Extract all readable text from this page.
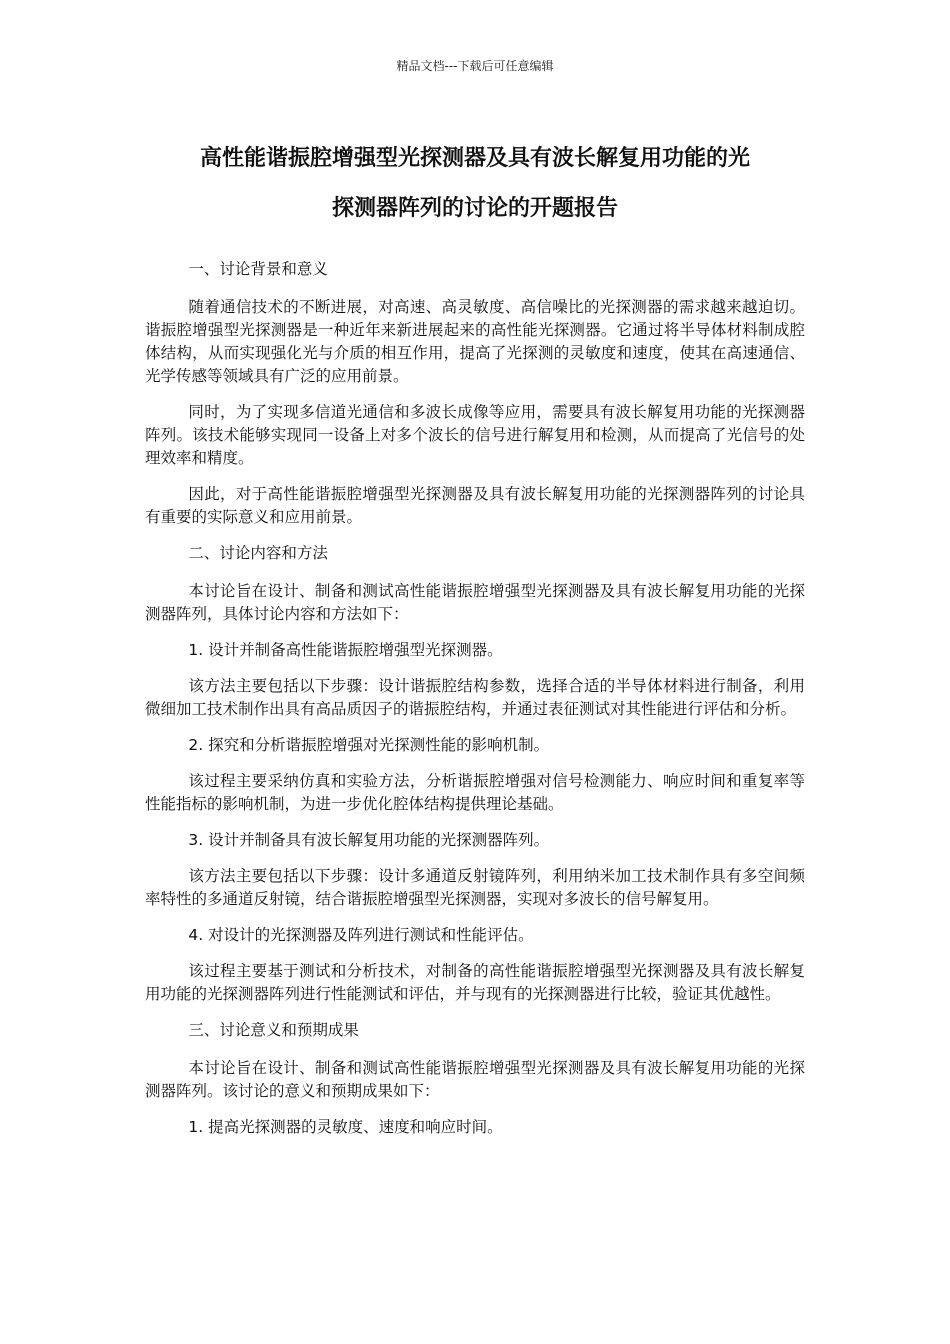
精品文档---下载后可任意编辑
高性能谐振腔增强型光探测器及具有波长解复用功能的光
探测器阵列的讨论的开题报告

一、讨论背景和意义

随着通信技术的不断进展，对高速、高灵敏度、高信噪比的光探测器的需求越来越迫切。谐振腔增强型光探测器是一种近年来新进展起来的高性能光探测器。它通过将半导体材料制成腔体结构，从而实现强化光与介质的相互作用，提高了光探测的灵敏度和速度，使其在高速通信、光学传感等领域具有广泛的应用前景。

同时，为了实现多信道光通信和多波长成像等应用，需要具有波长解复用功能的光探测器阵列。该技术能够实现同一设备上对多个波长的信号进行解复用和检测，从而提高了光信号的处理效率和精度。

因此，对于高性能谐振腔增强型光探测器及具有波长解复用功能的光探测器阵列的讨论具有重要的实际意义和应用前景。

二、讨论内容和方法

本讨论旨在设计、制备和测试高性能谐振腔增强型光探测器及具有波长解复用功能的光探测器阵列，具体讨论内容和方法如下：

1. 设计并制备高性能谐振腔增强型光探测器。

该方法主要包括以下步骤：设计谐振腔结构参数，选择合适的半导体材料进行制备，利用微细加工技术制作出具有高品质因子的谐振腔结构，并通过表征测试对其性能进行评估和分析。

2. 探究和分析谐振腔增强对光探测性能的影响机制。

该过程主要采纳仿真和实验方法，分析谐振腔增强对信号检测能力、响应时间和重复率等性能指标的影响机制，为进一步优化腔体结构提供理论基础。

3. 设计并制备具有波长解复用功能的光探测器阵列。

该方法主要包括以下步骤：设计多通道反射镜阵列，利用纳米加工技术制作具有多空间频率特性的多通道反射镜，结合谐振腔增强型光探测器，实现对多波长的信号解复用。

4. 对设计的光探测器及阵列进行测试和性能评估。

该过程主要基于测试和分析技术，对制备的高性能谐振腔增强型光探测器及具有波长解复用功能的光探测器阵列进行性能测试和评估，并与现有的光探测器进行比较，验证其优越性。

三、讨论意义和预期成果

本讨论旨在设计、制备和测试高性能谐振腔增强型光探测器及具有波长解复用功能的光探测器阵列。该讨论的意义和预期成果如下：

1. 提高光探测器的灵敏度、速度和响应时间。
